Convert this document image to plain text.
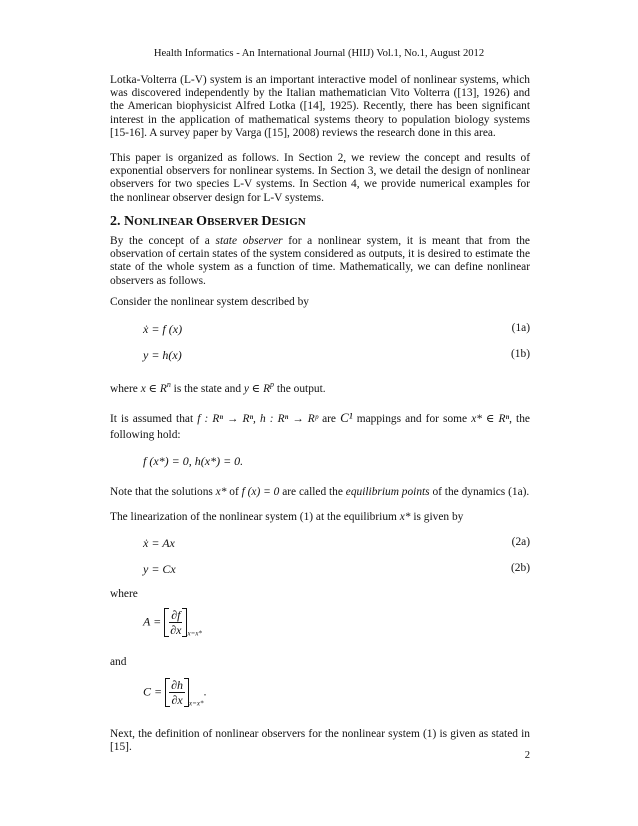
Health Informatics - An International Journal (HIIJ) Vol.1, No.1, August 2012

Lotka-Volterra (L-V) system is an important interactive model of nonlinear systems, which was discovered independently by the Italian mathematician Vito Volterra ([13], 1926) and the American biophysicist Alfred Lotka ([14], 1925). Recently, there has been significant interest in the application of mathematical systems theory to population biology systems [15-16]. A survey paper by Varga ([15], 2008) reviews the research done in this area.

This paper is organized as follows. In Section 2, we review the concept and results of exponential observers for nonlinear systems. In Section 3, we detail the design of nonlinear observers for two species L-V systems. In Section 4, we provide numerical examples for the nonlinear observer design for L-V systems.

2. NONLINEAR OBSERVER DESIGN

By the concept of a state observer for a nonlinear system, it is meant that from the observation of certain states of the system considered as outputs, it is desired to estimate the state of the whole system as a function of time. Mathematically, we can define nonlinear observers as follows.

Consider the nonlinear system described by

ẋ = f (x)	(1a)
y = h(x)	(1b)

where x ∈ $R^n$ is the state and y ∈ $R^p$ the output.

It is assumed that f : Rⁿ → Rⁿ, h : Rⁿ → Rᵖ are C¹ mappings and for some x* ∈ Rⁿ, the following hold:

f (x*) = 0, h(x*) = 0.

Note that the solutions x* of f (x) = 0 are called the equilibrium points of the dynamics (1a).

The linearization of the nonlinear system (1) at the equilibrium x* is given by

ẋ = Ax	(2a)
y = Cx	(2b)

where

$A = \frac{\partial f}{\partial x} _{x=x*}$

and

$C = \frac{\partial h}{\partial x} _{x=x*}$.

Next, the definition of nonlinear observers for the nonlinear system (1) is given as stated in [15].

2
